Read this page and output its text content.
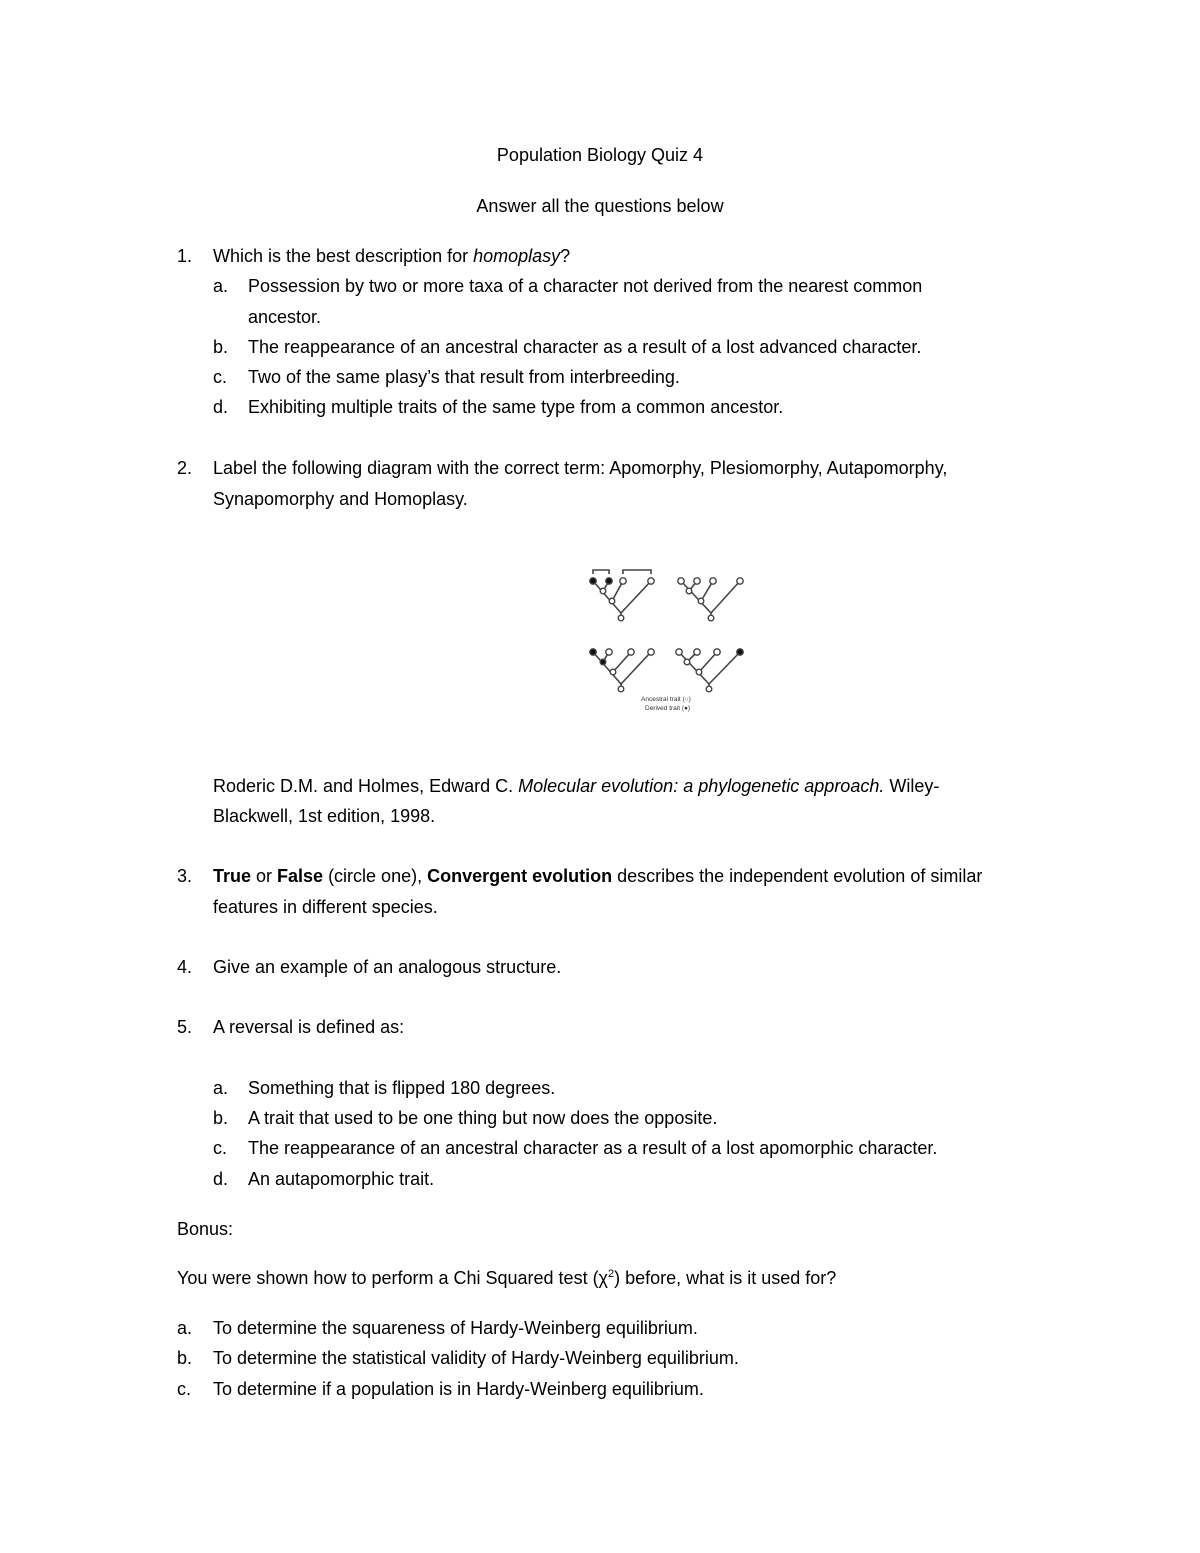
Population Biology Quiz 4
Answer all the questions below
1. Which is the best description for homoplasy?
a. Possession by two or more taxa of a character not derived from the nearest common
ancestor.
b. The reappearance of an ancestral character as a result of a lost advanced character.
c. Two of the same plasy’s that result from interbreeding.
d. Exhibiting multiple traits of the same type from a common ancestor.
2. Label the following diagram with the correct term: Apomorphy, Plesiomorphy, Autapomorphy,
Synapomorphy and Homoplasy.
Ancestral trait (○)
Derived trait (●)
Roderic D.M. and Holmes, Edward C. Molecular evolution: a phylogenetic approach. Wiley-
Blackwell, 1st edition, 1998.
3. True or False (circle one), Convergent evolution describes the independent evolution of similar
features in different species.
4. Give an example of an analogous structure.
5. A reversal is defined as:
a. Something that is flipped 180 degrees.
b. A trait that used to be one thing but now does the opposite.
c. The reappearance of an ancestral character as a result of a lost apomorphic character.
d. An autapomorphic trait.
Bonus:
You were shown how to perform a Chi Squared test $(\chi^2)$ before, what is it used for?
a. To determine the squareness of Hardy-Weinberg equilibrium.
b. To determine the statistical validity of Hardy-Weinberg equilibrium.
c. To determine if a population is in Hardy-Weinberg equilibrium.
